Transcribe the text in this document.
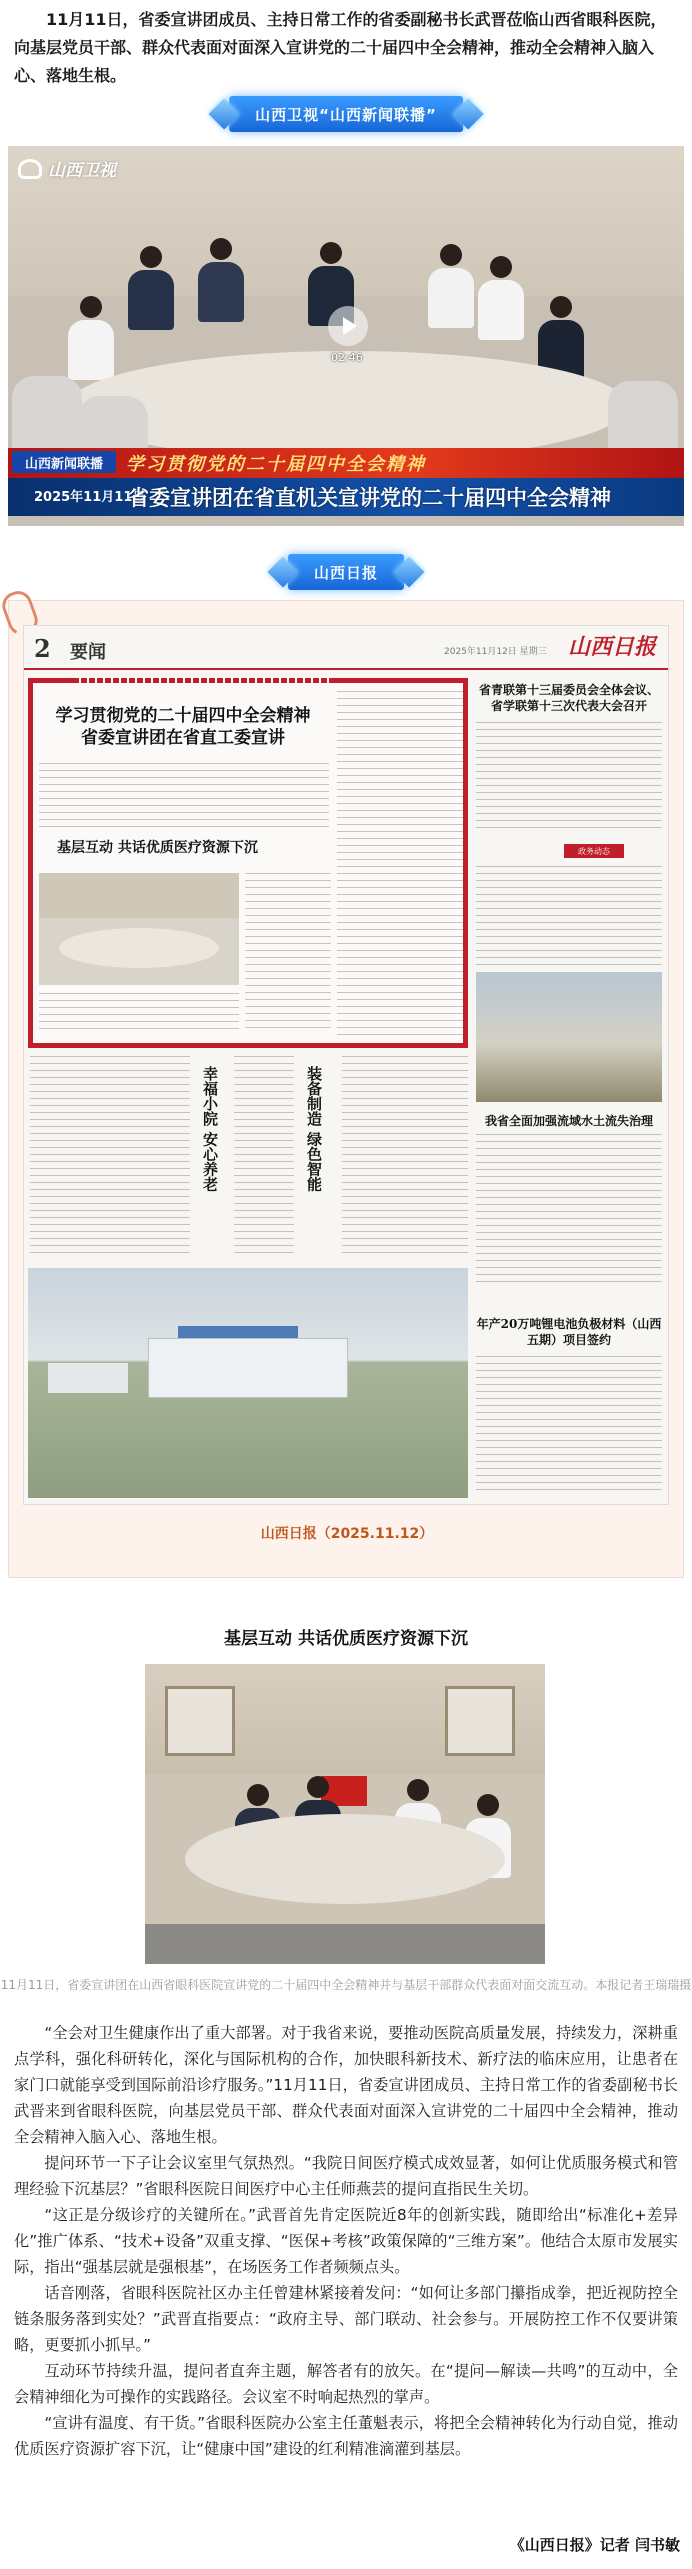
11月11日，省委宣讲团成员、主持日常工作的省委副秘书长武晋莅临山西省眼科医院，向基层党员干部、群众代表面对面深入宣讲党的二十届四中全会精神，推动全会精神入脑入心、落地生根。
山西卫视“山西新闻联播”
山西卫视
02:46
山西新闻联播	学习贯彻党的二十届四中全会精神
2025年11月11日
省委宣讲团在省直机关宣讲党的二十届四中全会精神
山西日报
2 要闻	2025年11月12日 星期三 山西日报
学习贯彻党的二十届四中全会精神
省委宣讲团在省直工委宣讲
基层互动 共话优质医疗资源下沉
省青联第十三届委员会全体会议、省学联第十三次代表大会召开
政务动态
我省全面加强流域水土流失治理
幸福小院 安心养老	装备制造 绿色智能
年产20万吨锂电池负极材料（山西五期）项目签约
山西日报（2025.11.12）
基层互动 共话优质医疗资源下沉
11月11日，省委宣讲团在山西省眼科医院宣讲党的二十届四中全会精神并与基层干部群众代表面对面交流互动。本报记者王瑞瑞摄

“全会对卫生健康作出了重大部署。对于我省来说，要推动医院高质量发展，持续发力，深耕重点学科，强化科研转化，深化与国际机构的合作，加快眼科新技术、新疗法的临床应用，让患者在家门口就能享受到国际前沿诊疗服务。”11月11日，省委宣讲团成员、主持日常工作的省委副秘书长武晋来到省眼科医院，向基层党员干部、群众代表面对面深入宣讲党的二十届四中全会精神，推动全会精神入脑入心、落地生根。

提问环节一下子让会议室里气氛热烈。“我院日间医疗模式成效显著，如何让优质服务模式和管理经验下沉基层？”省眼科医院日间医疗中心主任师燕芸的提问直指民生关切。

“这正是分级诊疗的关键所在。”武晋首先肯定医院近8年的创新实践，随即给出“标准化+差异化”推广体系、“技术+设备”双重支撑、“医保+考核”政策保障的“三维方案”。他结合太原市发展实际，指出“强基层就是强根基”，在场医务工作者频频点头。

话音刚落，省眼科医院社区办主任曾建林紧接着发问：“如何让多部门攥指成拳，把近视防控全链条服务落到实处？”武晋直指要点：“政府主导、部门联动、社会参与。开展防控工作不仅要讲策略，更要抓小抓早。”

互动环节持续升温，提问者直奔主题，解答者有的放矢。在“提问—解读—共鸣”的互动中，全会精神细化为可操作的实践路径。会议室不时响起热烈的掌声。

“宣讲有温度、有干货。”省眼科医院办公室主任董魁表示，将把全会精神转化为行动自觉，推动优质医疗资源扩容下沉，让“健康中国”建设的红利精准滴灌到基层。

《山西日报》记者 闫书敏
